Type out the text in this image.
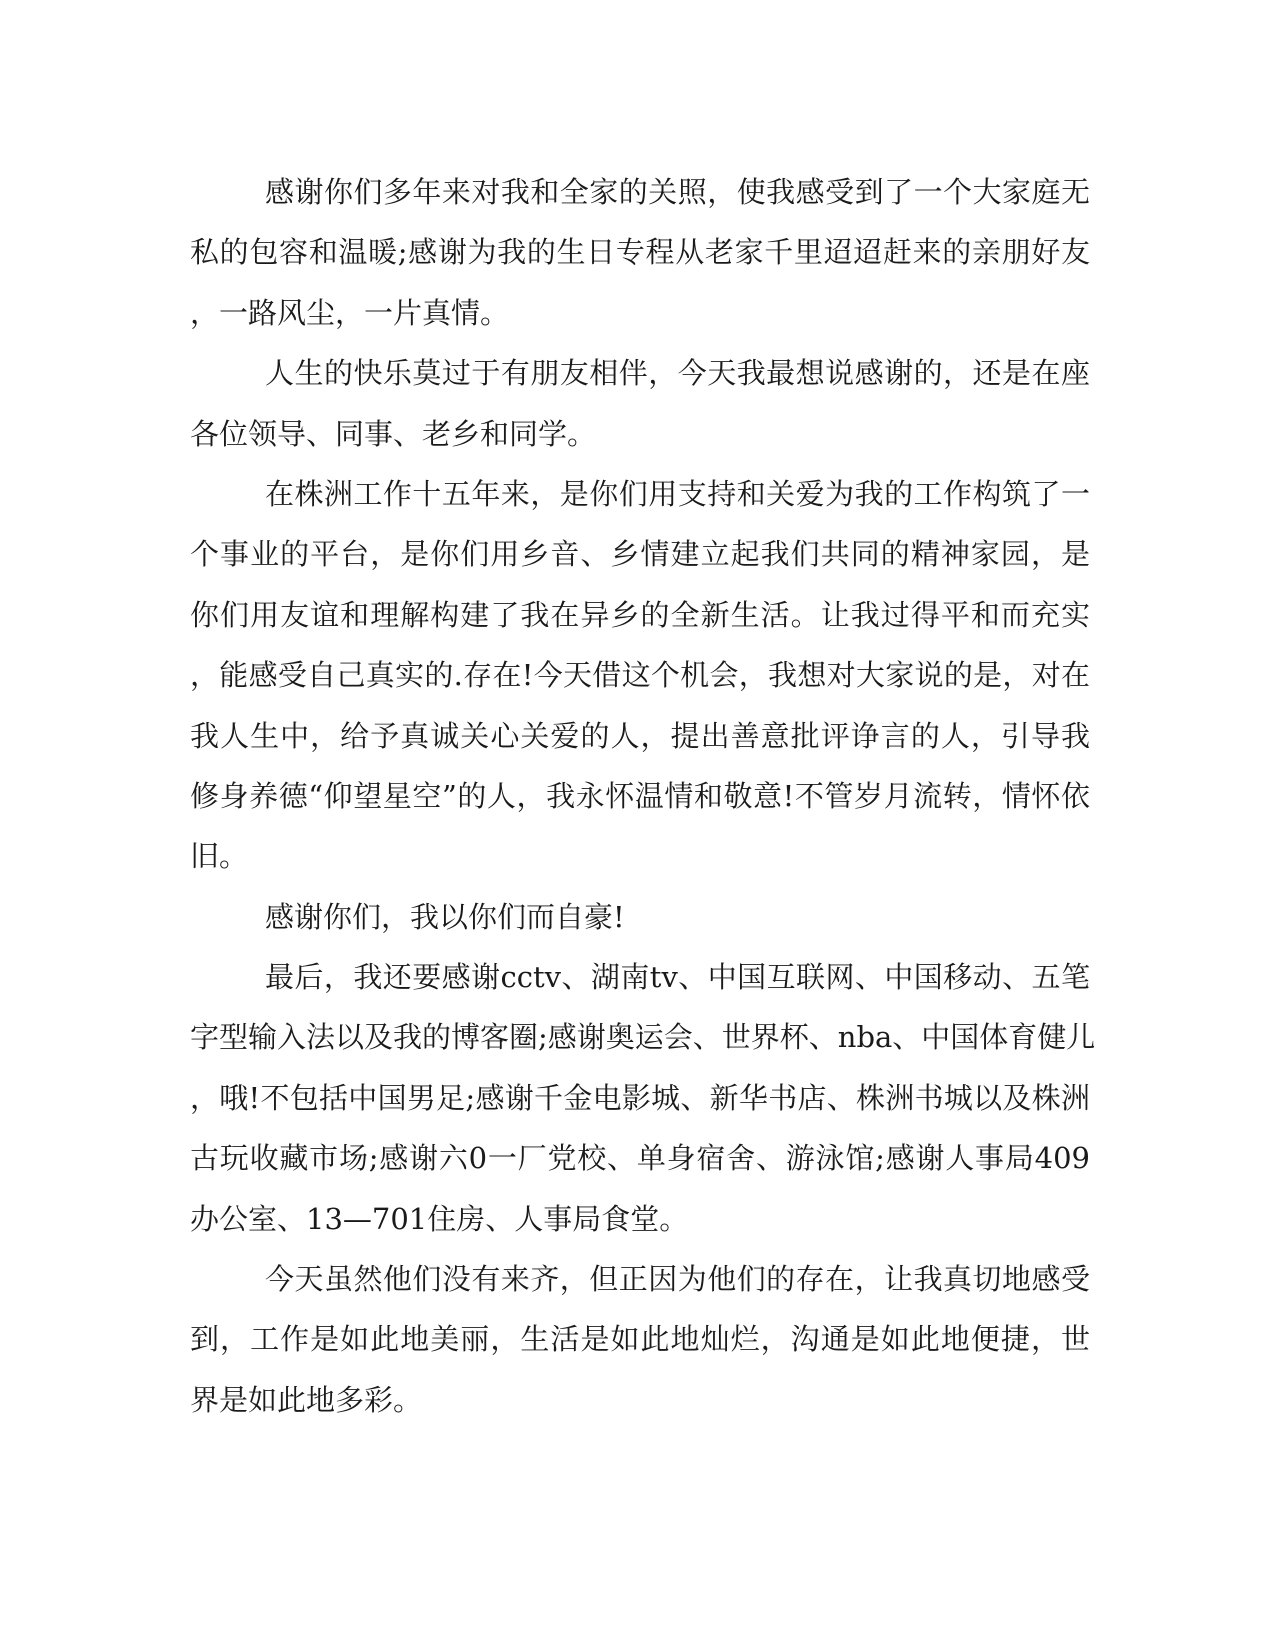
感谢你们多年来对我和全家的关照，使我感受到了一个大家庭无
私的包容和温暖;感谢为我的生日专程从老家千里迢迢赶来的亲朋好友
，一路风尘，一片真情。
人生的快乐莫过于有朋友相伴，今天我最想说感谢的，还是在座
各位领导、同事、老乡和同学。
在株洲工作十五年来，是你们用支持和关爱为我的工作构筑了一
个事业的平台，是你们用乡音、乡情建立起我们共同的精神家园，是
你们用友谊和理解构建了我在异乡的全新生活。让我过得平和而充实
，能感受自己真实的.存在!今天借这个机会，我想对大家说的是，对在
我人生中，给予真诚关心关爱的人，提出善意批评诤言的人，引导我
修身养德“仰望星空”的人，我永怀温情和敬意!不管岁月流转，情怀依
旧。
感谢你们，我以你们而自豪!
最后，我还要感谢cctv、湖南tv、中国互联网、中国移动、五笔
字型输入法以及我的博客圈;感谢奥运会、世界杯、nba、中国体育健儿
，哦!不包括中国男足;感谢千金电影城、新华书店、株洲书城以及株洲
古玩收藏市场;感谢六0一厂党校、单身宿舍、游泳馆;感谢人事局409
办公室、13—701住房、人事局食堂。
今天虽然他们没有来齐，但正因为他们的存在，让我真切地感受
到，工作是如此地美丽，生活是如此地灿烂，沟通是如此地便捷，世
界是如此地多彩。
